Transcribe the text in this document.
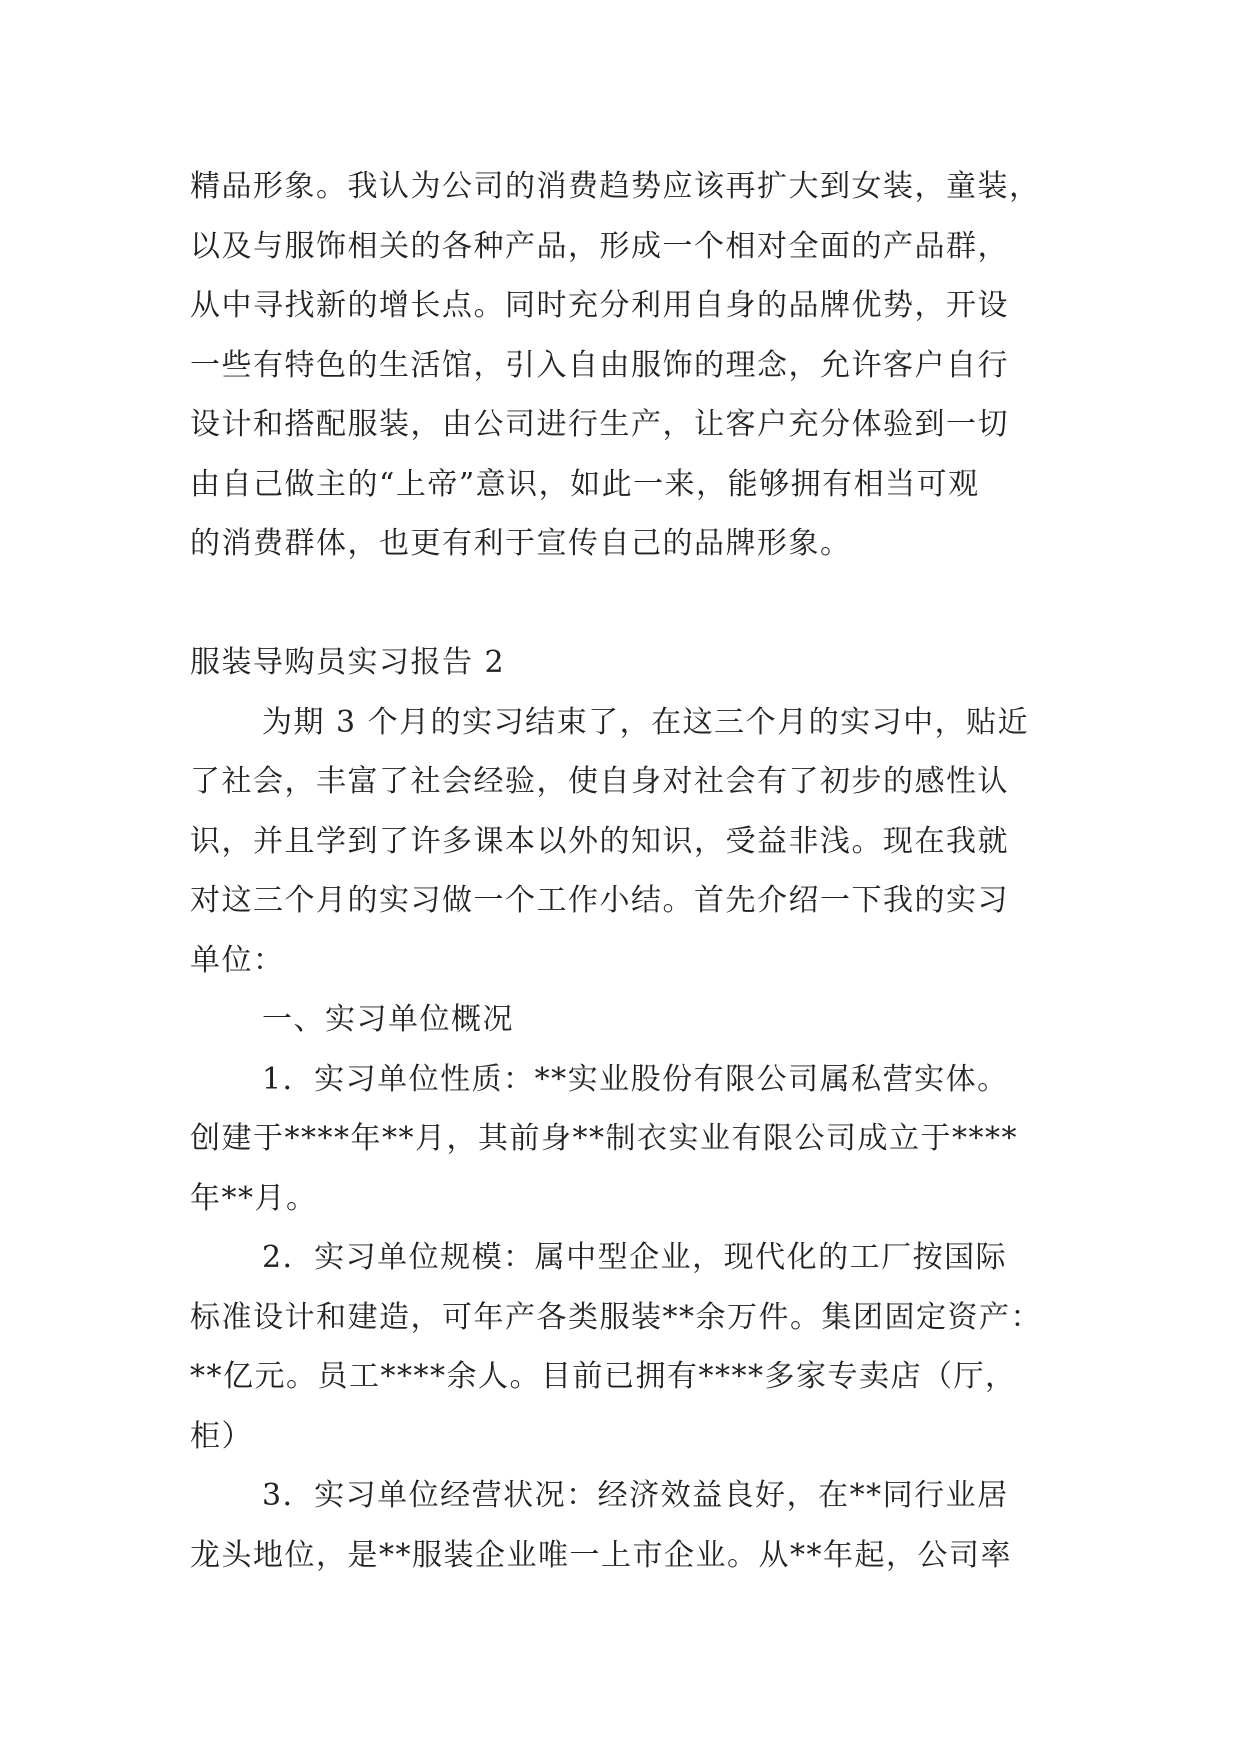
精品形象。我认为公司的消费趋势应该再扩大到女装，童装，
以及与服饰相关的各种产品，形成一个相对全面的产品群，
从中寻找新的增长点。同时充分利用自身的品牌优势，开设
一些有特色的生活馆，引入自由服饰的理念，允许客户自行
设计和搭配服装，由公司进行生产，让客户充分体验到一切
由自己做主的“上帝”意识，如此一来，能够拥有相当可观
的消费群体，也更有利于宣传自己的品牌形象。
服装导购员实习报告 2
为期 3 个月的实习结束了，在这三个月的实习中，贴近
了社会，丰富了社会经验，使自身对社会有了初步的感性认
识，并且学到了许多课本以外的知识，受益非浅。现在我就
对这三个月的实习做一个工作小结。首先介绍一下我的实习
单位：
一、实习单位概况
1．实习单位性质：**实业股份有限公司属私营实体。
创建于****年**月，其前身**制衣实业有限公司成立于****
年**月。
2．实习单位规模：属中型企业，现代化的工厂按国际
标准设计和建造，可年产各类服装**余万件。集团固定资产：
**亿元。员工****余人。目前已拥有****多家专卖店（厅，
柜）
3．实习单位经营状况：经济效益良好，在**同行业居
龙头地位，是**服装企业唯一上市企业。从**年起，公司率
